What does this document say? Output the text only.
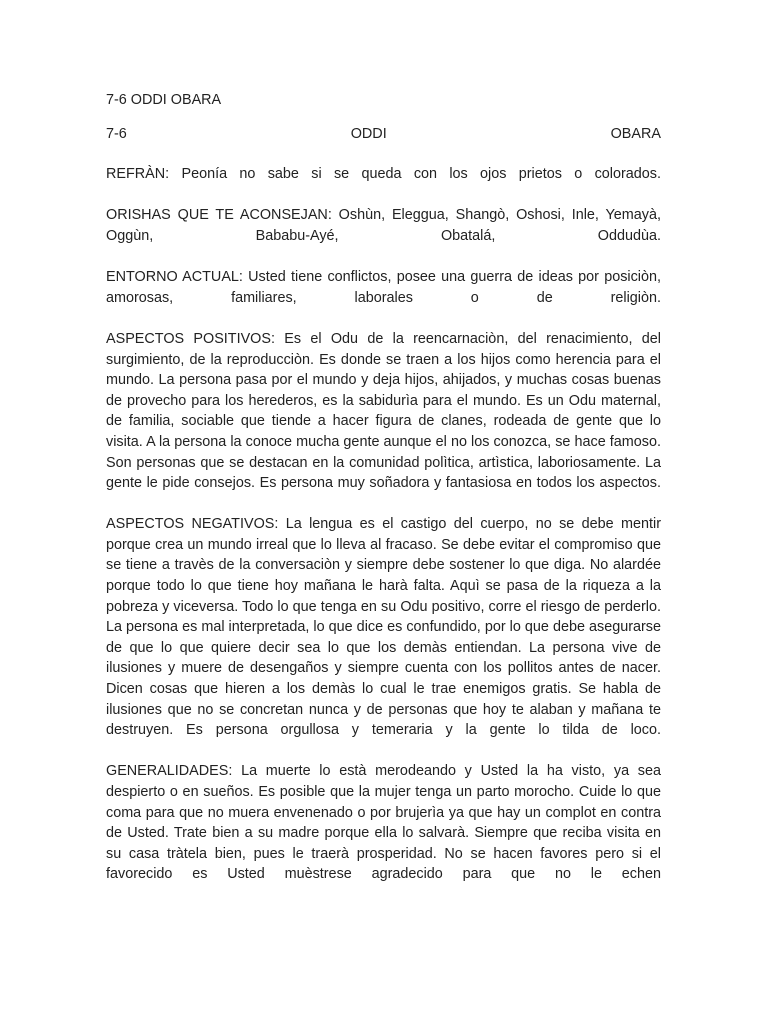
7-6 ODDI OBARA
7-6	ODDI	OBARA

REFRÀN: Peonía no sabe si se queda con los ojos prietos o colorados.

ORISHAS QUE TE ACONSEJAN: Oshùn, Eleggua, Shangò, Oshosi, Inle, Yemayà, Oggùn, Bababu-Ayé, Obatalá, Oddudùa.

ENTORNO ACTUAL: Usted tiene conflictos, posee una guerra de ideas por posiciòn, amorosas, familiares, laborales o de religiòn.

ASPECTOS POSITIVOS: Es el Odu de la reencarnaciòn, del renacimiento, del surgimiento, de la reproducciòn. Es donde se traen a los hijos como herencia para el mundo. La persona pasa por el mundo y deja hijos, ahijados, y muchas cosas buenas de provecho para los herederos, es la sabidurìa para el mundo. Es un Odu maternal, de familia, sociable que tiende a hacer figura de clanes, rodeada de gente que lo visita. A la persona la conoce mucha gente aunque el no los conozca, se hace famoso. Son personas que se destacan en la comunidad polìtica, artìstica, laboriosamente. La gente le pide consejos. Es persona muy soñadora y fantasiosa en todos los aspectos.

ASPECTOS NEGATIVOS: La lengua es el castigo del cuerpo, no se debe mentir porque crea un mundo irreal que lo lleva al fracaso. Se debe evitar el compromiso que se tiene a travès de la conversaciòn y siempre debe sostener lo que diga. No alardée porque todo lo que tiene hoy mañana le harà falta. Aquì se pasa de la riqueza a la pobreza y viceversa. Todo lo que tenga en su Odu positivo, corre el riesgo de perderlo. La persona es mal interpretada, lo que dice es confundido, por lo que debe asegurarse de que lo que quiere decir sea lo que los demàs entiendan. La persona vive de ilusiones y muere de desengaños y siempre cuenta con los pollitos antes de nacer. Dicen cosas que hieren a los demàs lo cual le trae enemigos gratis. Se habla de ilusiones que no se concretan nunca y de personas que hoy te alaban y mañana te destruyen. Es persona orgullosa y temeraria y la gente lo tilda de loco.

GENERALIDADES: La muerte lo està merodeando y Usted la ha visto, ya sea despierto o en sueños. Es posible que la mujer tenga un parto morocho. Cuide lo que coma para que no muera envenenado o por brujerìa ya que hay un complot en contra de Usted. Trate bien a su madre porque ella lo salvarà. Siempre que reciba visita en su casa tràtela bien, pues le traerà prosperidad. No se hacen favores pero si el favorecido es Usted muèstrese agradecido para que no le echen
